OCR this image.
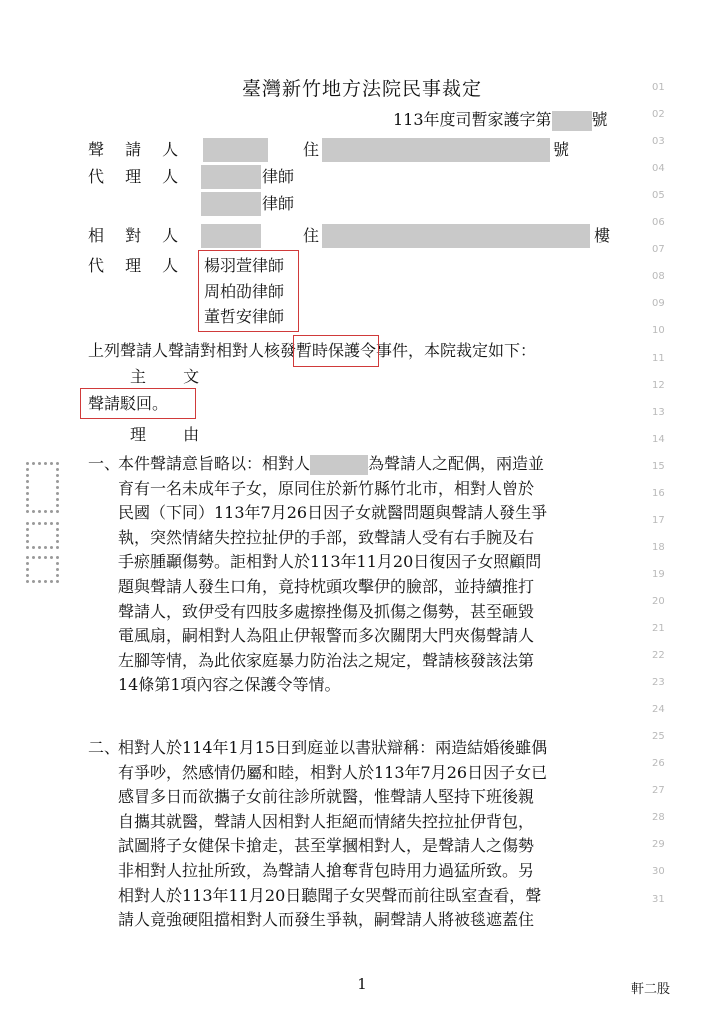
臺灣新竹地方法院民事裁定
113年度司暫家護字第	號
01
02
03
04
05
06
07
08
09
10
11
12
13
14
15
16
17
18
19
20
21
22
23
24
25
26
27
28
29
30
31
聲 請 人	住	號
代 理 人	律師
律師
相 對 人	住	樓
代 理 人 楊羽萱律師
周柏劭律師
董哲安律師
上列聲請人聲請對相對人核發暫時保護令
事件，本院裁定如下：
主 文
聲請駁回。
理 由
一、
本件聲請意旨略以：相對人	為聲請人之配偶，兩造並
育有一名未成年子女，原同住於新竹縣竹北市，相對人曾於
民國（下同）113年7月26日因子女就醫問題與聲請人發生爭
執，突然情緒失控拉扯伊的手部，致聲請人受有右手腕及右
手瘀腫顳傷勢。詎相對人於113年11月20日復因子女照顧問
題與聲請人發生口角，竟持枕頭攻擊伊的臉部，並持續推打
聲請人，致伊受有四肢多處擦挫傷及抓傷之傷勢，甚至砸毀
電風扇，嗣相對人為阻止伊報警而多次關閉大門夾傷聲請人
左腳等情，為此依家庭暴力防治法之規定，聲請核發該法第
14條第1項內容之保護令等情。
二、
相對人於114年1月15日到庭並以書狀辯稱：兩造結婚後雖偶
有爭吵，然感情仍屬和睦，相對人於113年7月26日因子女已
感冒多日而欲攜子女前往診所就醫，惟聲請人堅持下班後親
自攜其就醫，聲請人因相對人拒絕而情緒失控拉扯伊背包，
試圖將子女健保卡搶走，甚至掌摑相對人，是聲請人之傷勢
非相對人拉扯所致，為聲請人搶奪背包時用力過猛所致。另
相對人於113年11月20日聽聞子女哭聲而前往臥室查看，聲
請人竟強硬阻擋相對人而發生爭執，嗣聲請人將被毯遮蓋住
1	軒二股
